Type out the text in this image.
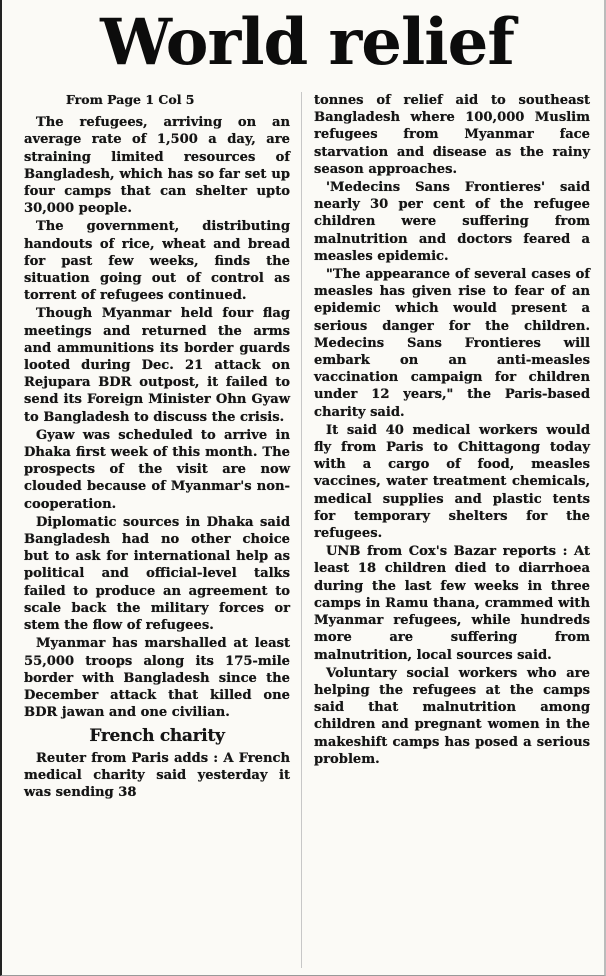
World relief
From Page 1 Col 5

The refugees, arriving on an average rate of 1,500 a day, are straining limited resources of Bangladesh, which has so far set up four camps that can shelter upto 30,000 people.

The government, distributing handouts of rice, wheat and bread for past few weeks, finds the situation going out of control as torrent of refugees continued.

Though Myanmar held four flag meetings and returned the arms and ammunitions its border guards looted during Dec. 21 attack on Rejupara BDR outpost, it failed to send its Foreign Minister Ohn Gyaw to Bangladesh to discuss the crisis.

Gyaw was scheduled to arrive in Dhaka first week of this month. The prospects of the visit are now clouded because of Myanmar's non-cooperation.

Diplomatic sources in Dhaka said Bangladesh had no other choice but to ask for international help as political and official-level talks failed to produce an agreement to scale back the military forces or stem the flow of refugees.

Myanmar has marshalled at least 55,000 troops along its 175-mile border with Bangladesh since the December attack that killed one BDR jawan and one civilian.

French charity

Reuter from Paris adds : A French medical charity said yesterday it was sending 38

tonnes of relief aid to southeast Bangladesh where 100,000 Muslim refugees from Myanmar face starvation and disease as the rainy season approaches.

'Medecins Sans Frontieres' said nearly 30 per cent of the refugee children were suffering from malnutrition and doctors feared a measles epidemic.

"The appearance of several cases of measles has given rise to fear of an epidemic which would present a serious danger for the children. Medecins Sans Frontieres will embark on an anti-measles vaccination campaign for children under 12 years," the Paris-based charity said.

It said 40 medical workers would fly from Paris to Chittagong today with a cargo of food, measles vaccines, water treatment chemicals, medical supplies and plastic tents for temporary shelters for the refugees.

UNB from Cox's Bazar reports : At least 18 children died to diarrhoea during the last few weeks in three camps in Ramu thana, crammed with Myanmar refugees, while hundreds more are suffering from malnutrition, local sources said.

Voluntary social workers who are helping the refugees at the camps said that malnutrition among children and pregnant women in the makeshift camps has posed a serious problem.
